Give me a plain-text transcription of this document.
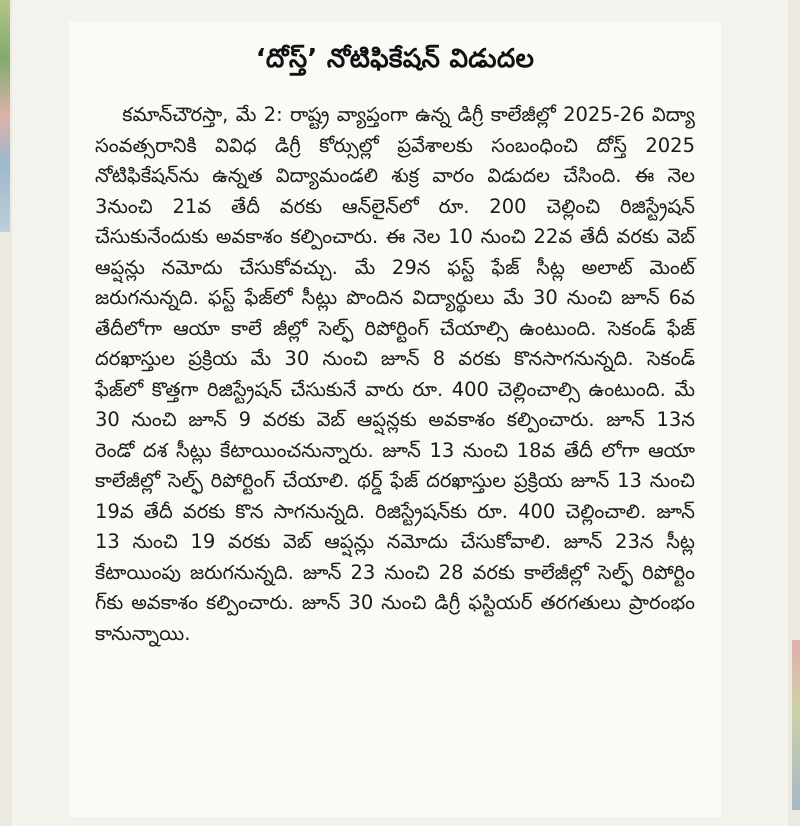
‘దోస్త్’ నోటిఫికేషన్ విడుదల

కమాన్‌చౌరస్తా, మే 2: రాష్ట్ర వ్యాప్తంగా ఉన్న డిగ్రీ కాలేజీల్లో 2025-26 విద్యా సంవత్సరానికి వివిధ డిగ్రీ కోర్సుల్లో ప్రవేశాలకు సంబంధించి దోస్త్ 2025 నోటిఫికేషన్‌ను ఉన్నత విద్యామండలి శుక్ర వారం విడుదల చేసింది. ఈ నెల 3నుంచి 21వ తేదీ వరకు ఆన్‌లైన్‌లో రూ. 200 చెల్లించి రిజిస్ట్రేషన్ చేసుకునేందుకు అవకాశం కల్పించారు. ఈ నెల 10 నుంచి 22వ తేదీ వరకు వెబ్ ఆప్షన్లు నమోదు చేసుకోవచ్చు. మే 29న ఫస్ట్ ఫేజ్ సీట్ల అలాట్ మెంట్ జరుగనున్నది. ఫస్ట్ ఫేజ్‌లో సీట్లు పొందిన విద్యార్థులు మే 30 నుంచి జూన్ 6వ తేదీలోగా ఆయా కాలే జీల్లో సెల్ఫ్ రిపోర్టింగ్ చేయాల్సి ఉంటుంది. సెకండ్ ఫేజ్ దరఖాస్తుల ప్రక్రియ మే 30 నుంచి జూన్ 8 వరకు కొనసాగనున్నది. సెకండ్ ఫేజ్‌లో కొత్తగా రిజిస్ట్రేషన్ చేసుకునే వారు రూ. 400 చెల్లించాల్సి ఉంటుంది. మే 30 నుంచి జూన్ 9 వరకు వెబ్ ఆప్షన్లకు అవకాశం కల్పించారు. జూన్ 13న రెండో దశ సీట్లు కేటాయించనున్నారు. జూన్ 13 నుంచి 18వ తేదీ లోగా ఆయా కాలేజీల్లో సెల్ఫ్ రిపోర్టింగ్ చేయాలి. థర్డ్ ఫేజ్ దరఖాస్తుల ప్రక్రియ జూన్ 13 నుంచి 19వ తేదీ వరకు కొన సాగనున్నది. రిజిస్ట్రేషన్‌కు రూ. 400 చెల్లించాలి. జూన్ 13 నుంచి 19 వరకు వెబ్ ఆప్షన్లు నమోదు చేసుకోవాలి. జూన్ 23న సీట్ల కేటాయింపు జరుగనున్నది. జూన్ 23 నుంచి 28 వరకు కాలేజీల్లో సెల్ఫ్ రిపోర్టిం గ్‌కు అవకాశం కల్పించారు. జూన్ 30 నుంచి డిగ్రీ ఫస్టియర్ తరగతులు ప్రారంభం కానున్నాయి.
